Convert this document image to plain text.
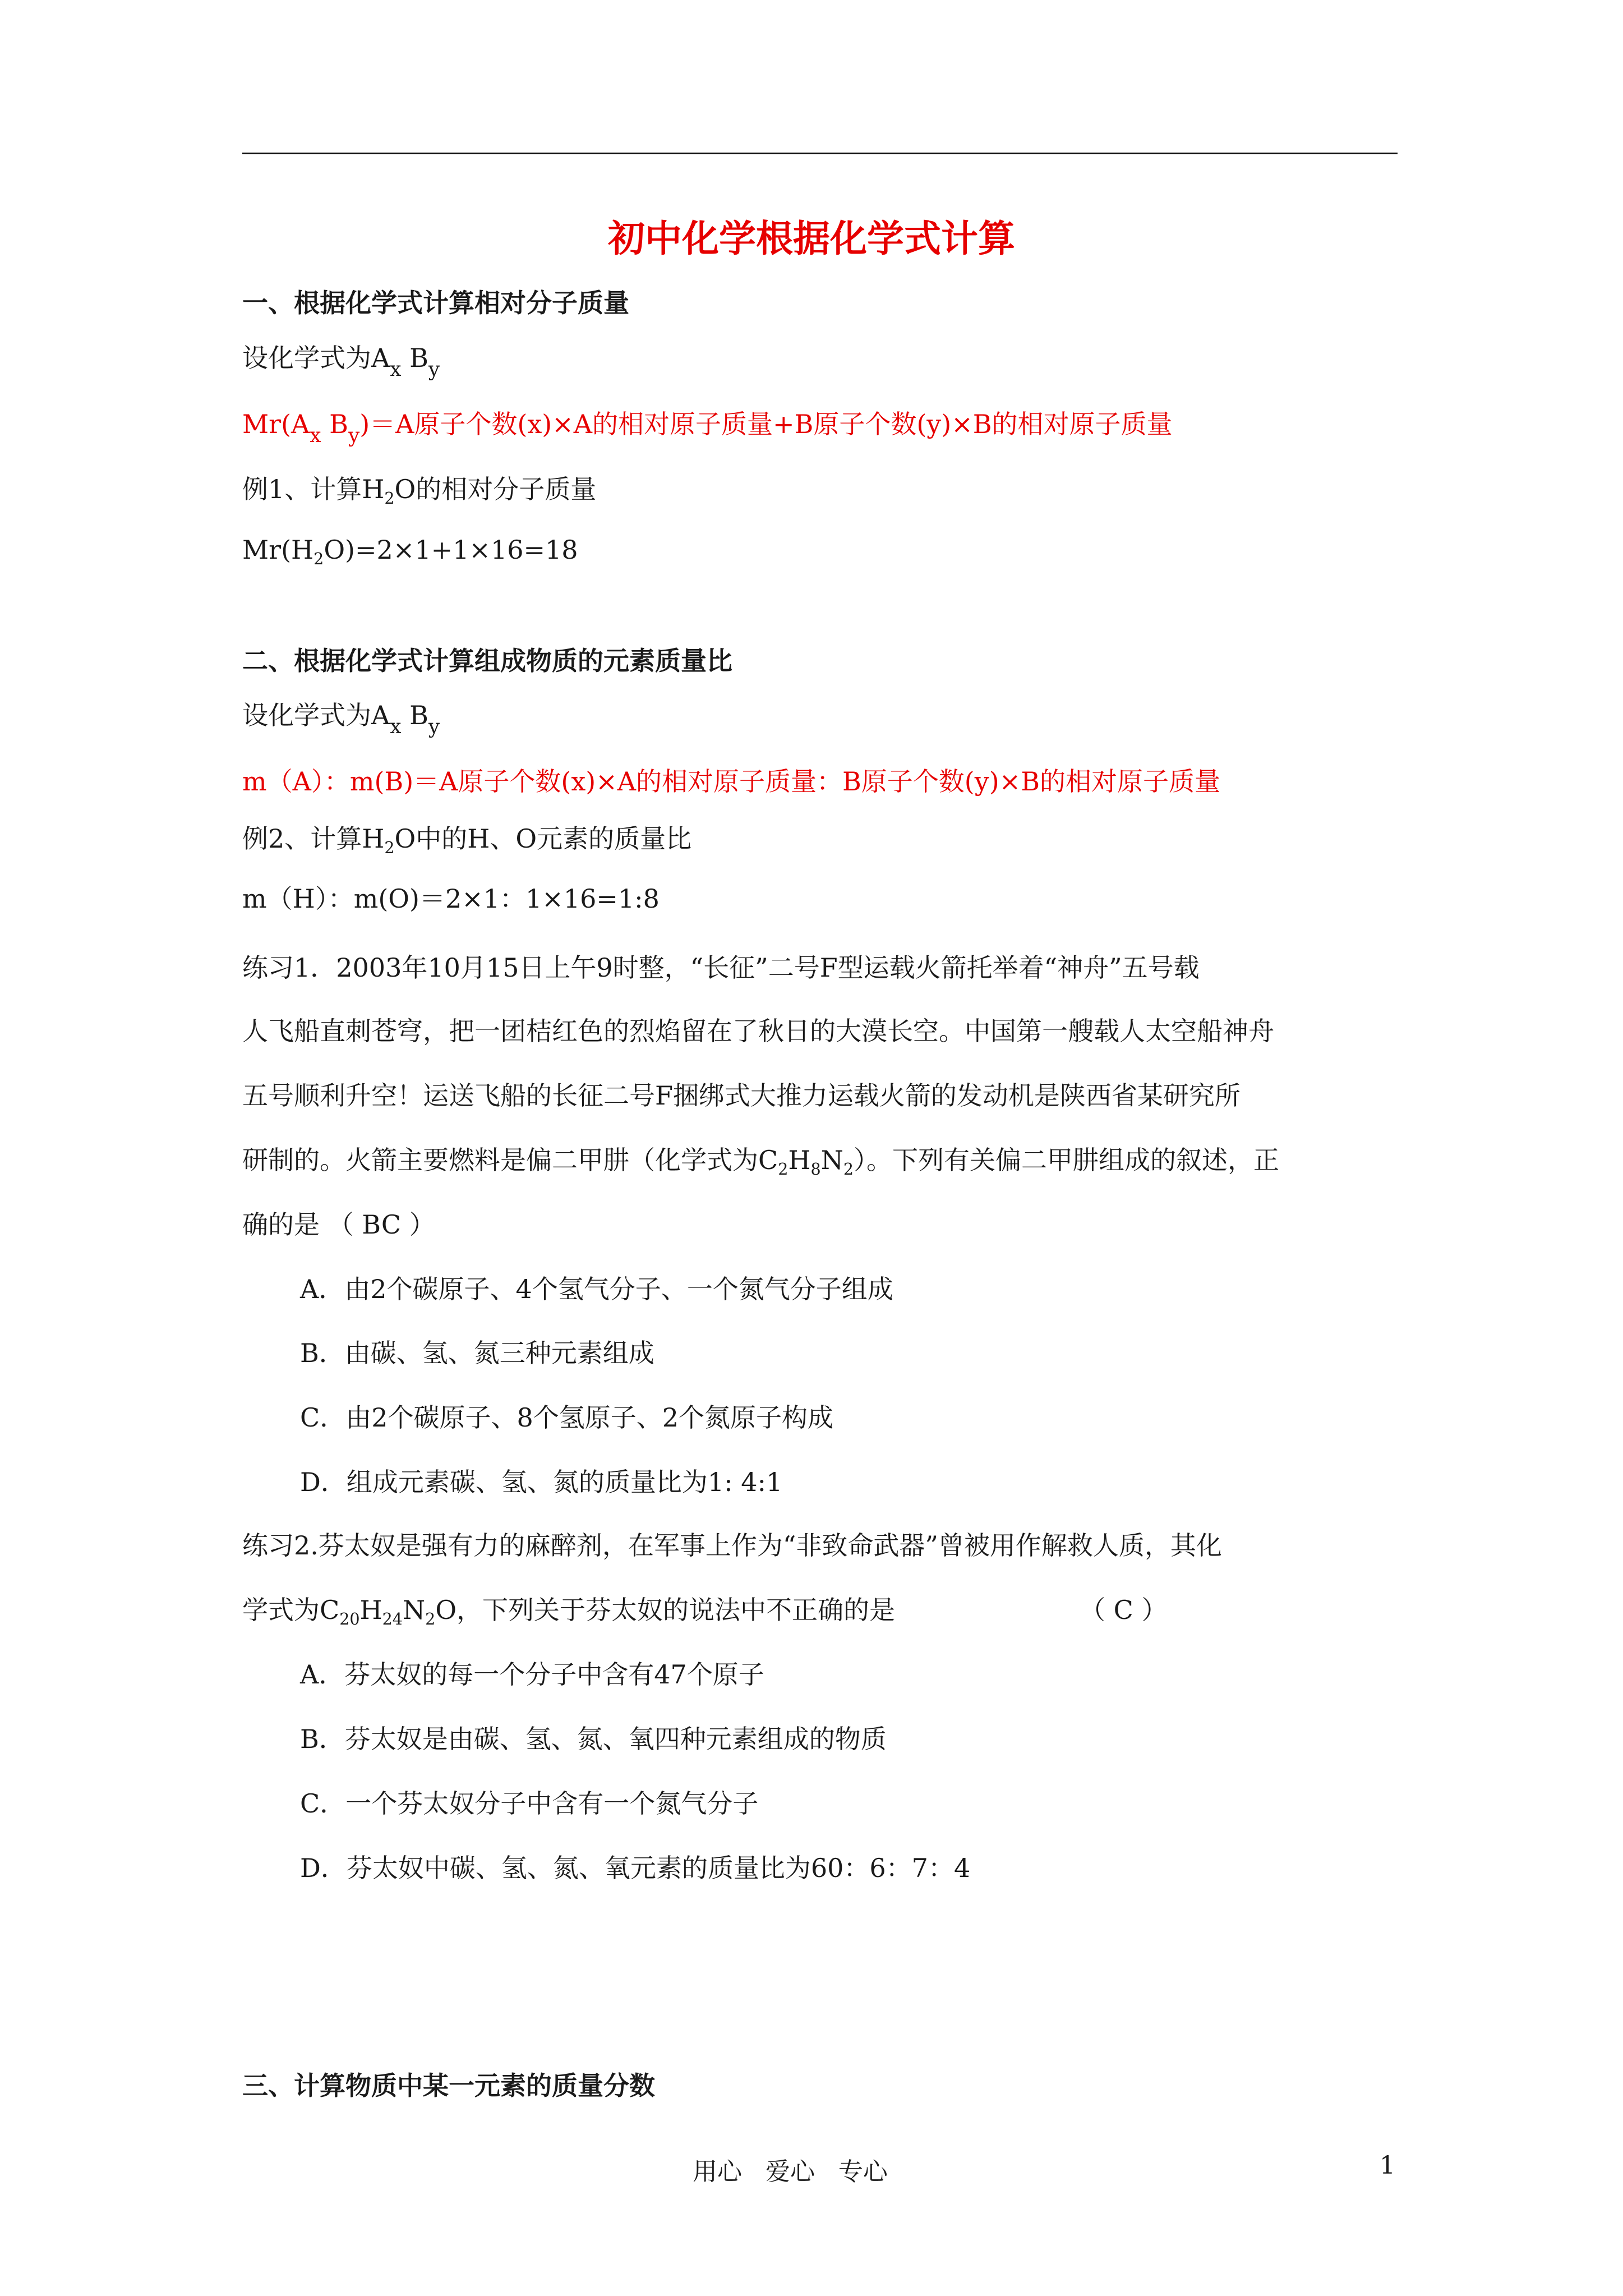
初中化学根据化学式计算
一、根据化学式计算相对分子质量
设化学式为$A_x$ $B_y$
$Mr(A_x$ $B_y)=A$原子个数(x)×A的相对原子质量+B原子个数(y)×B的相对原子质量
例1、计算$H_2O$的相对分子质量
$Mr(H_2O)=2\times 1+1\times 16=18$
二、根据化学式计算组成物质的元素质量比
设化学式为$A_x$ $B_y$
m（A）：m(B)＝A原子个数(x)×A的相对原子质量：B原子个数(y)×B的相对原子质量
例2、计算$H_2O$中的H、O元素的质量比
m（H）：m(O)＝2×1：1×16=1:8
练习1．2003年10月15日上午9时整，“长征”二号F型运载火箭托举着“神舟”五号载
人飞船直刺苍穹，把一团桔红色的烈焰留在了秋日的大漠长空。中国第一艘载人太空船神舟
五号顺利升空！运送飞船的长征二号F捆绑式大推力运载火箭的发动机是陕西省某研究所
研制的。火箭主要燃料是偏二甲肼（化学式为$C_2H_8N_2$）。下列有关偏二甲肼组成的叙述，正
确的是 （ BC ）
A．由2个碳原子、4个氢气分子、一个氮气分子组成
B．由碳、氢、氮三种元素组成
C．由2个碳原子、8个氢原子、2个氮原子构成
D．组成元素碳、氢、氮的质量比为1: 4:1
练习2.芬太奴是强有力的麻醉剂，在军事上作为“非致命武器”曾被用作解救人质，其化
学式为$C_{20}H_{24}N_2O$，下列关于芬太奴的说法中不正确的是	（ C ）
A．芬太奴的每一个分子中含有47个原子
B．芬太奴是由碳、氢、氮、氧四种元素组成的物质
C．一个芬太奴分子中含有一个氮气分子
D．芬太奴中碳、氢、氮、氧元素的质量比为60：6：7：4
三、计算物质中某一元素的质量分数
用心   爱心   专心	1
